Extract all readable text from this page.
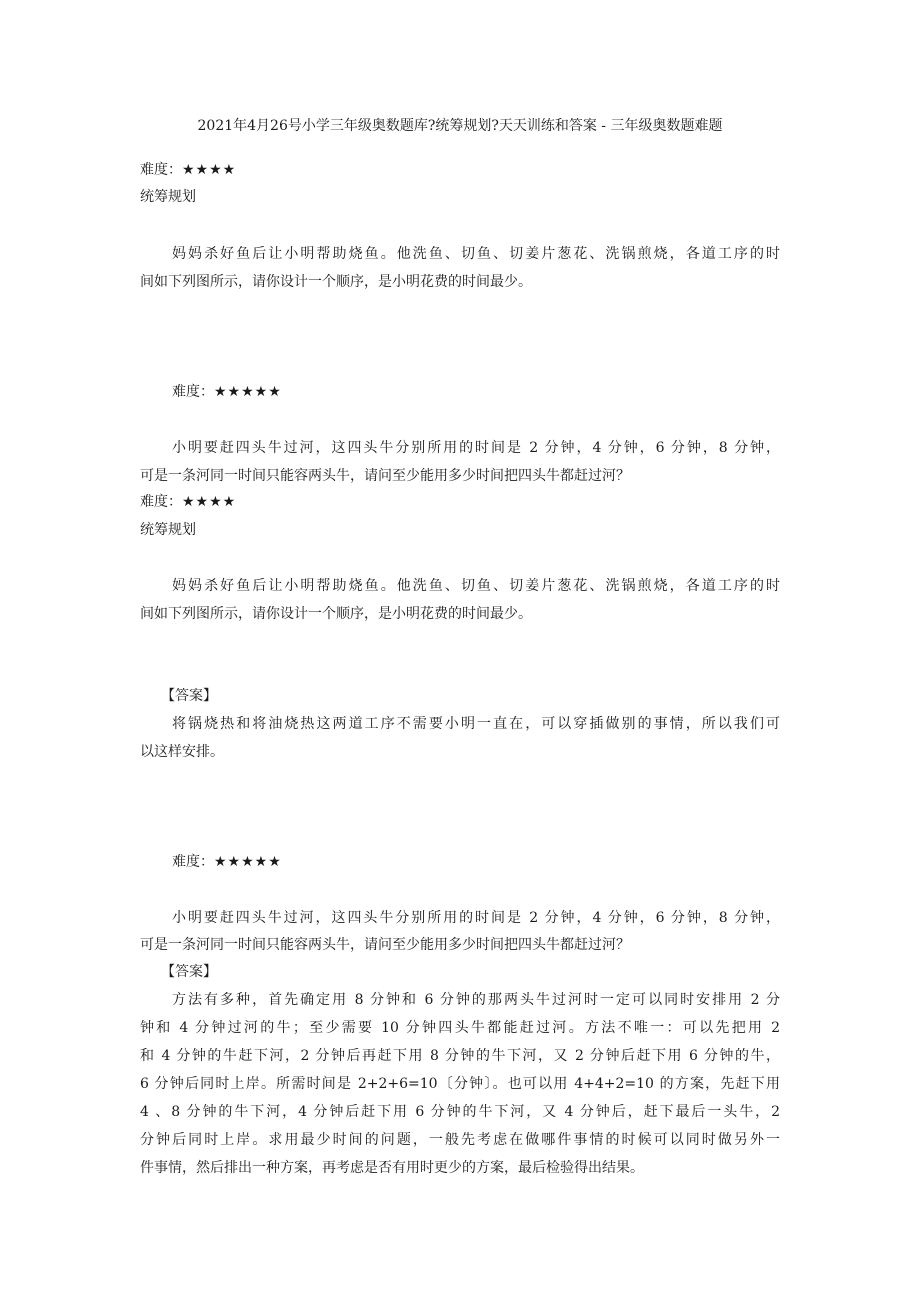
2021年4月26号小学三年级奥数题库?统筹规划?天天训练和答案 - 三年级奥数题难题
难度：★★★★
统筹规划
妈妈杀好鱼后让小明帮助烧鱼。他洗鱼、切鱼、切姜片葱花、洗锅煎烧，各道工序的时
间如下列图所示，请你设计一个顺序，是小明花费的时间最少。
难度：★★★★★
小明要赶四头牛过河，这四头牛分别所用的时间是 2 分钟，4 分钟，6 分钟，8 分钟，
可是一条河同一时间只能容两头牛，请问至少能用多少时间把四头牛都赶过河？
难度：★★★★
统筹规划
妈妈杀好鱼后让小明帮助烧鱼。他洗鱼、切鱼、切姜片葱花、洗锅煎烧，各道工序的时
间如下列图所示，请你设计一个顺序，是小明花费的时间最少。
【答案】
将锅烧热和将油烧热这两道工序不需要小明一直在，可以穿插做别的事情，所以我们可
以这样安排。
难度：★★★★★
小明要赶四头牛过河，这四头牛分别所用的时间是 2 分钟，4 分钟，6 分钟，8 分钟，
可是一条河同一时间只能容两头牛，请问至少能用多少时间把四头牛都赶过河？
【答案】
方法有多种，首先确定用 8 分钟和 6 分钟的那两头牛过河时一定可以同时安排用 2 分
钟和 4 分钟过河的牛；至少需要 10 分钟四头牛都能赶过河。方法不唯一：可以先把用 2
和 4 分钟的牛赶下河，2 分钟后再赶下用 8 分钟的牛下河，又 2 分钟后赶下用 6 分钟的牛，
6 分钟后同时上岸。所需时间是 2+2+6=10〔分钟〕。也可以用 4+4+2=10 的方案，先赶下用
4 、8 分钟的牛下河，4 分钟后赶下用 6 分钟的牛下河，又 4 分钟后，赶下最后一头牛，2
分钟后同时上岸。求用最少时间的问题，一般先考虑在做哪件事情的时候可以同时做另外一
件事情，然后排出一种方案，再考虑是否有用时更少的方案，最后检验得出结果。
